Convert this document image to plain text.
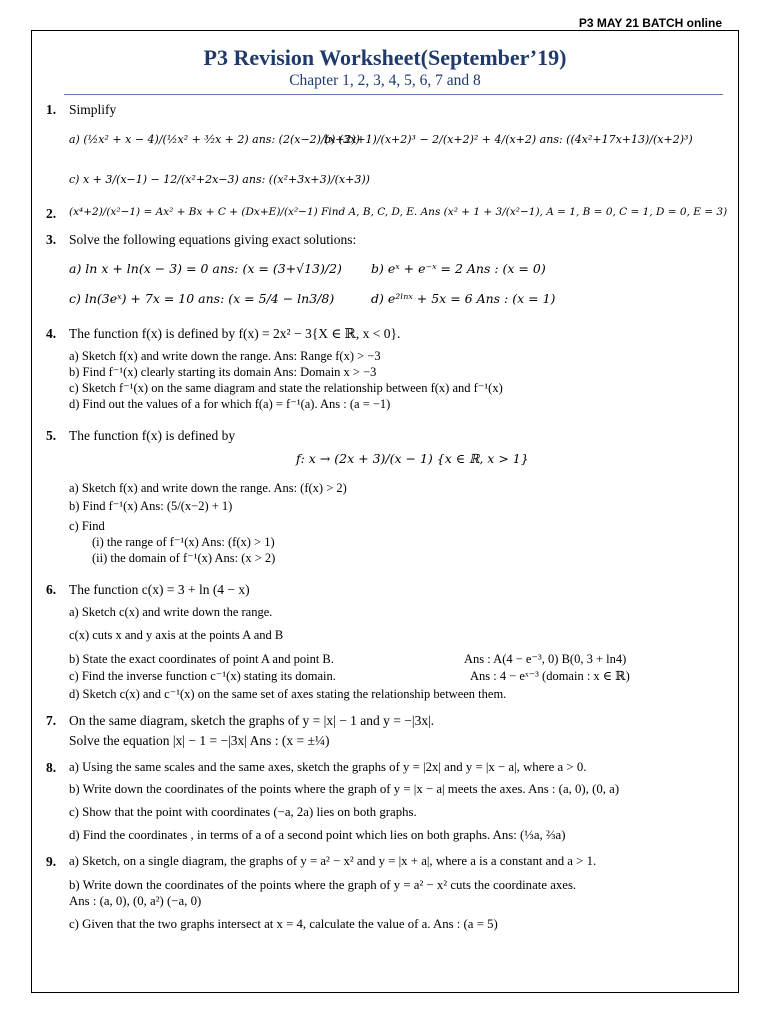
P3 MAY 21 BATCH online
P3 Revision Worksheet(September’19)
Chapter 1, 2, 3, 4, 5, 6, 7 and 8
1. Simplify
a) (½x² + x − 4)/(½x² + ³⁄₂x + 2) ans: (2(x−2)/(x+2))
b) (3x+1)/(x+2)³ − 2/(x+2)² + 4/(x+2) ans: ((4x²+17x+13)/(x+2)³)
c) x + 3/(x−1) − 12/(x²+2x−3) ans: ((x²+3x+3)/(x+3))
2. (x⁴+2)/(x²−1) = Ax² + Bx + C + (Dx+E)/(x²−1) Find A, B, C, D, E. Ans (x² + 1 + 3/(x²−1), A = 1, B = 0, C = 1, D = 0, E = 3)
3. Solve the following equations giving exact solutions:
a) ln x + ln(x − 3) = 0 ans: (x = (3+√13)/2) b) eˣ + e⁻ˣ = 2 Ans : (x = 0)
c) ln(3eˣ) + 7x = 10 ans: (x = 5/4 − ln3/8)	d) e²ˡⁿˣ + 5x = 6 Ans : (x = 1)
4. The function f(x) is defined by f(x) = 2x² − 3{X ∈ ℝ, x < 0}.
a) Sketch f(x) and write down the range. Ans: Range f(x) > −3
b) Find f⁻¹(x) clearly starting its domain Ans: Domain x > −3
c) Sketch f⁻¹(x) on the same diagram and state the relationship between f(x) and f⁻¹(x)
d) Find out the values of a for which f(a) = f⁻¹(a). Ans : (a = −1)
5. The function f(x) is defined by
f: x → (2x + 3)/(x − 1) {x ∈ ℝ, x > 1}
a) Sketch f(x) and write down the range. Ans: (f(x) > 2)
b) Find f⁻¹(x) Ans: (5/(x−2) + 1)
c) Find
(i) the range of f⁻¹(x) Ans: (f(x) > 1)
(ii) the domain of f⁻¹(x) Ans: (x > 2)
6. The function c(x) = 3 + ln (4 − x)
a) Sketch c(x) and write down the range.
c(x) cuts x and y axis at the points A and B
b) State the exact coordinates of point A and point B.	Ans : A(4 − e⁻³, 0) B(0, 3 + ln4)
c) Find the inverse function c⁻¹(x) stating its domain.	Ans : 4 − eˣ⁻³ (domain : x ∈ ℝ)
d) Sketch c(x) and c⁻¹(x) on the same set of axes stating the relationship between them.
7. On the same diagram, sketch the graphs of y = |x| − 1 and y = −|3x|.
Solve the equation |x| − 1 = −|3x| Ans : (x = ±¼)
8. a) Using the same scales and the same axes, sketch the graphs of y = |2x| and y = |x − a|, where a > 0.
b) Write down the coordinates of the points where the graph of y = |x − a| meets the axes. Ans : (a, 0), (0, a)
c) Show that the point with coordinates (−a, 2a) lies on both graphs.
d) Find the coordinates , in terms of a of a second point which lies on both graphs. Ans: (⅓a, ⅔a)
9. a) Sketch, on a single diagram, the graphs of y = a² − x² and y = |x + a|, where a is a constant and a > 1.
b) Write down the coordinates of the points where the graph of y = a² − x² cuts the coordinate axes.
Ans : (a, 0), (0, a²) (−a, 0)
c) Given that the two graphs intersect at x = 4, calculate the value of a. Ans : (a = 5)
